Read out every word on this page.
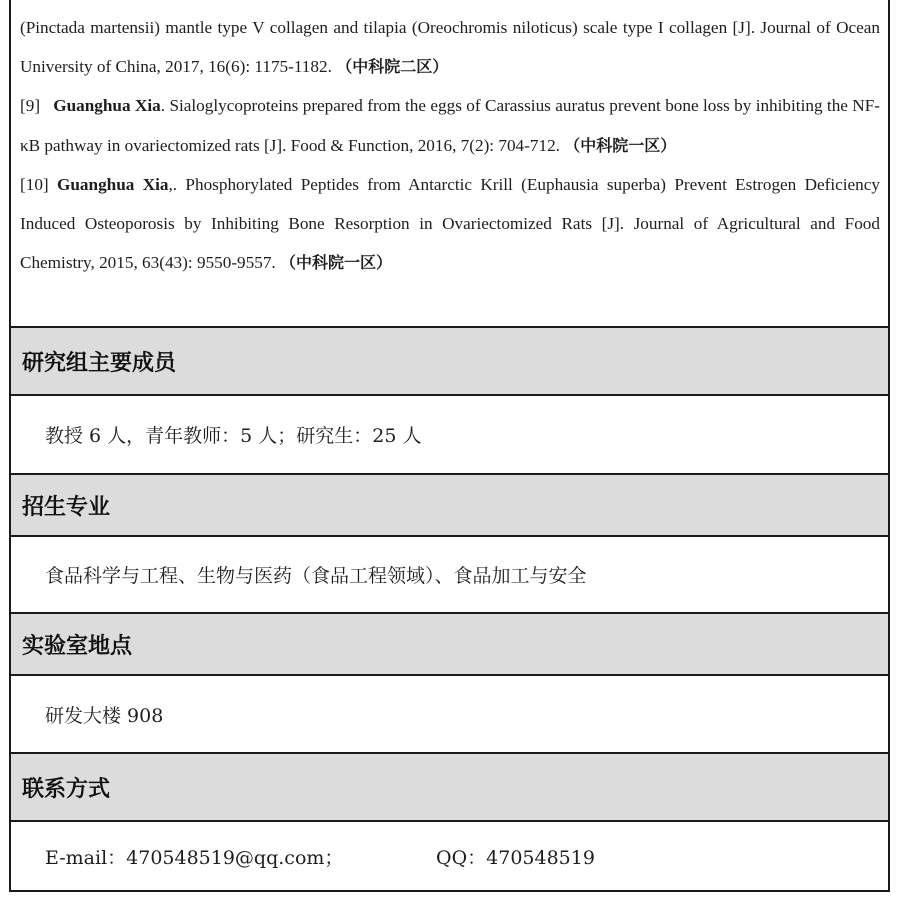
(Pinctada martensii) mantle type V collagen and tilapia (Oreochromis niloticus) scale type I collagen [J]. Journal of Ocean University of China, 2017, 16(6): 1175-1182. （中科院二区）
[9] Guanghua Xia. Sialoglycoproteins prepared from the eggs of Carassius auratus prevent bone loss by inhibiting the NF-κB pathway in ovariectomized rats [J]. Food & Function, 2016, 7(2): 704-712. （中科院一区）
[10] Guanghua Xia,. Phosphorylated Peptides from Antarctic Krill (Euphausia superba) Prevent Estrogen Deficiency Induced Osteoporosis by Inhibiting Bone Resorption in Ovariectomized Rats [J]. Journal of Agricultural and Food Chemistry, 2015, 63(43): 9550-9557. （中科院一区）
研究组主要成员
教授 6 人，青年教师：5 人；研究生：25 人
招生专业
食品科学与工程、生物与医药（食品工程领域）、食品加工与安全
实验室地点
研发大楼 908
联系方式
E-mail：470548519@qq.com；	QQ：470548519
